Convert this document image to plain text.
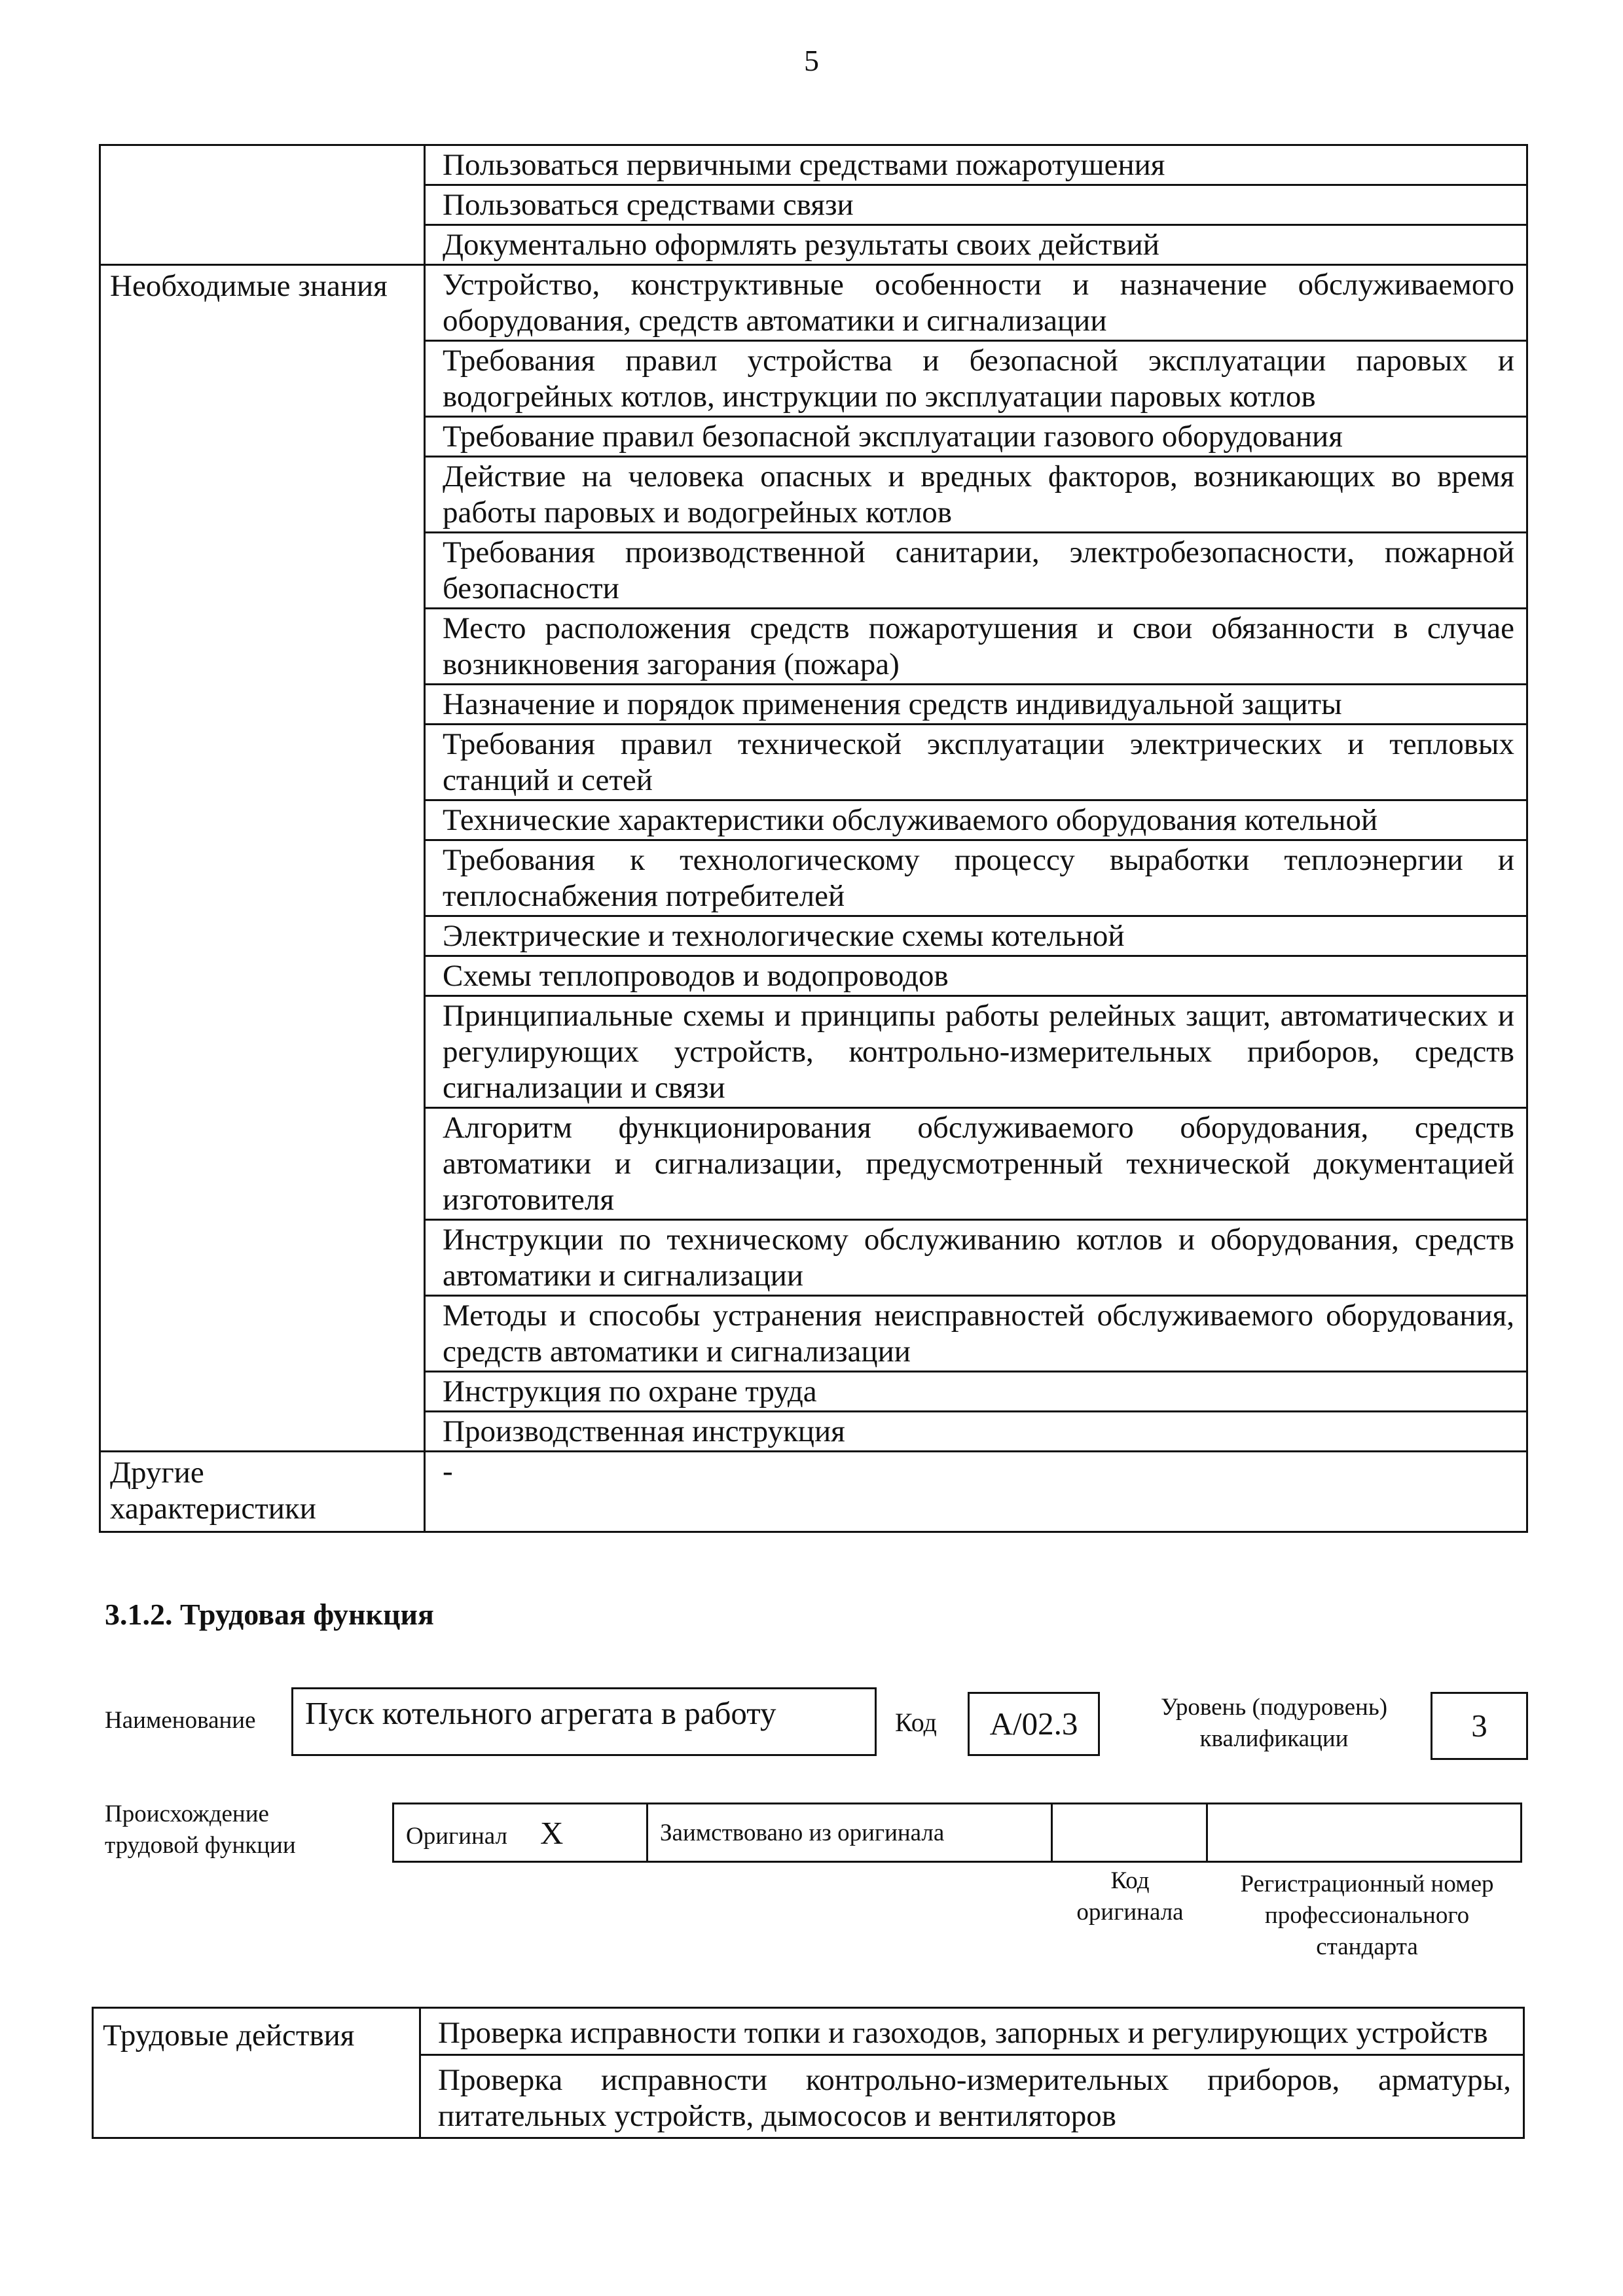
5
	Пользоваться первичными средствами пожаротушения
	Пользоваться средствами связи
	Документально оформлять результаты своих действий
Необходимые знания	Устройство, конструктивные особенности и назначение обслуживаемого оборудования, средств автоматики и сигнализации
	Требования правил устройства и безопасной эксплуатации паровых и водогрейных котлов, инструкции по эксплуатации паровых котлов
	Требование правил безопасной эксплуатации газового оборудования
	Действие на человека опасных и вредных факторов, возникающих во время работы паровых и водогрейных котлов
	Требования производственной санитарии, электробезопасности, пожарной безопасности
	Место расположения средств пожаротушения и свои обязанности в случае возникновения загорания (пожара)
	Назначение и порядок применения средств индивидуальной защиты
	Требования правил технической эксплуатации электрических и тепловых станций и сетей
	Технические характеристики обслуживаемого оборудования котельной
	Требования к технологическому процессу выработки теплоэнергии и теплоснабжения потребителей
	Электрические и технологические схемы котельной
	Схемы теплопроводов и водопроводов
	Принципиальные схемы и принципы работы релейных защит, автоматических и регулирующих устройств, контрольно-измерительных приборов, средств сигнализации и связи
	Алгоритм функционирования обслуживаемого оборудования, средств автоматики и сигнализации, предусмотренный технической документацией изготовителя
	Инструкции по техническому обслуживанию котлов и оборудования, средств автоматики и сигнализации
	Методы и способы устранения неисправностей обслуживаемого оборудования, средств автоматики и сигнализации
	Инструкция по охране труда
	Производственная инструкция
Другие характеристики	-
3.1.2. Трудовая функция
Наименование	Пуск котельного агрегата в работу	Код	А/02.3	Уровень (подуровень)
квалификации	3
Происхождение
трудовой функции	Оригинал X	Заимствовано из оригинала		
Код
оригинала
Регистрационный номер
профессионального
стандарта
Трудовые действия	Проверка исправности топки и газоходов, запорных и регулирующих устройств
Проверка исправности контрольно-измерительных приборов, арматуры, питательных устройств, дымососов и вентиляторов
